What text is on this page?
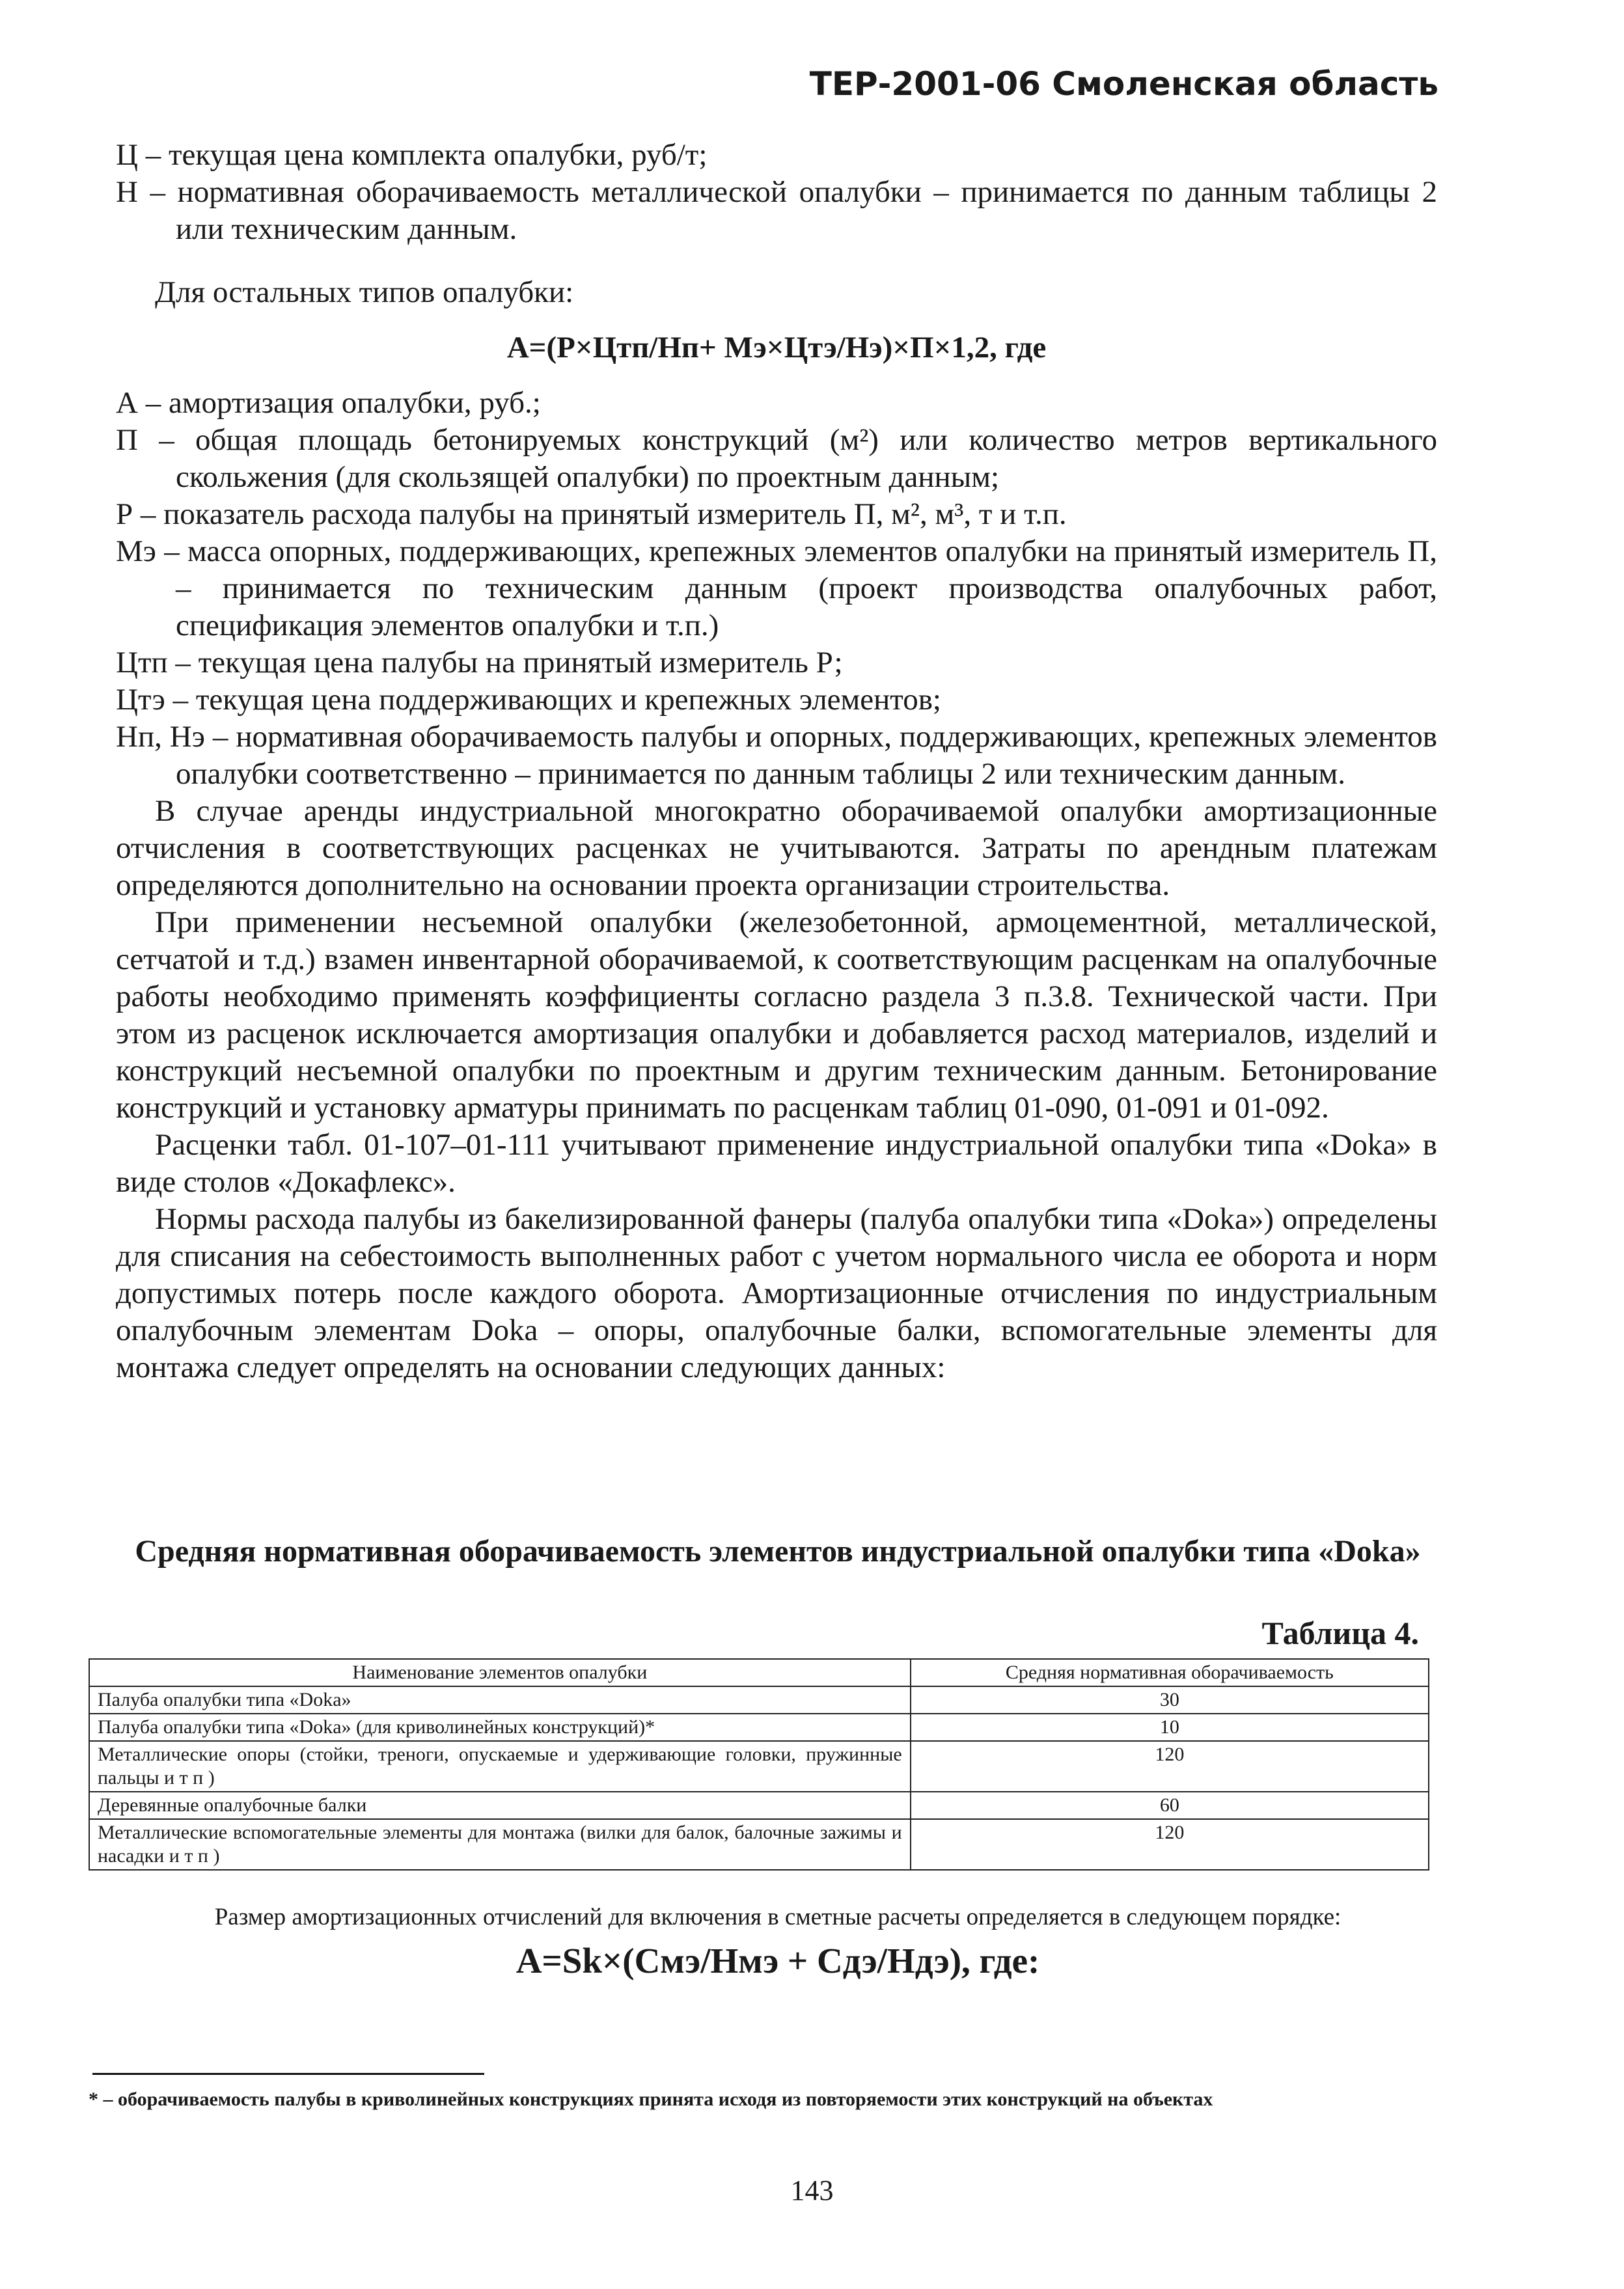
ТЕР-2001-06 Смоленская область

Ц – текущая цена комплекта опалубки, руб/т;

Н – нормативная оборачиваемость металлической опалубки – принимается по данным таблицы 2 или техническим данным.

Для остальных типов опалубки:

А=(Р×Цтп/Нп+ Мэ×Цтэ/Нэ)×П×1,2, где

А – амортизация опалубки, руб.;

П – общая площадь бетонируемых конструкций (м²) или количество метров вертикального скольжения (для скользящей опалубки) по проектным данным;

Р – показатель расхода палубы на принятый измеритель П, м², м³, т и т.п.

Мэ – масса опорных, поддерживающих, крепежных элементов опалубки на принятый измеритель П, – принимается по техническим данным (проект производства опалубочных работ, спецификация элементов опалубки и т.п.)

Цтп – текущая цена палубы на принятый измеритель Р;

Цтэ – текущая цена поддерживающих и крепежных элементов;

Нп, Нэ – нормативная оборачиваемость палубы и опорных, поддерживающих, крепежных элементов опалубки соответственно – принимается по данным таблицы 2 или техническим данным.

В случае аренды индустриальной многократно оборачиваемой опалубки амортизационные отчисления в соответствующих расценках не учитываются. Затраты по арендным платежам определяются дополнительно на основании проекта организации строительства.

При применении несъемной опалубки (железобетонной, армоцементной, металлической, сетчатой и т.д.) взамен инвентарной оборачиваемой, к соответствующим расценкам на опалубочные работы необходимо применять коэффициенты согласно раздела 3 п.3.8. Технической части. При этом из расценок исключается амортизация опалубки и добавляется расход материалов, изделий и конструкций несъемной опалубки по проектным и другим техническим данным. Бетонирование конструкций и установку арматуры принимать по расценкам таблиц 01-090, 01-091 и 01-092.

Расценки табл. 01-107–01-111 учитывают применение индустриальной опалубки типа «Doka» в виде столов «Докафлекс».

Нормы расхода палубы из бакелизированной фанеры (палуба опалубки типа «Doka») определены для списания на себестоимость выполненных работ с учетом нормального числа ее оборота и норм допустимых потерь после каждого оборота. Амортизационные отчисления по индустриальным опалубочным элементам Doka – опоры, опалубочные балки, вспомогательные элементы для монтажа следует определять на основании следующих данных:

Средняя нормативная оборачиваемость элементов индустриальной опалубки типа «Doka»
Таблица 4.
Наименование элементов опалубки	Средняя нормативная оборачиваемость
Палуба опалубки типа «Doka»	30
Палуба опалубки типа «Doka» (для криволинейных конструкций)*	10
Металлические опоры (стойки, треноги, опускаемые и удерживающие головки, пружинные пальцы и т п )	120
Деревянные опалубочные балки	60
Металлические вспомогательные элементы для монтажа (вилки для балок, балочные зажимы и насадки и т п )	120
Размер амортизационных отчислений для включения в сметные расчеты определяется в следующем порядке:
А=Sk×(Смэ/Нмэ + Сдэ/Ндэ), где:
* – оборачиваемость палубы в криволинейных конструкциях принята исходя из повторяемости этих конструкций на объектах
143
